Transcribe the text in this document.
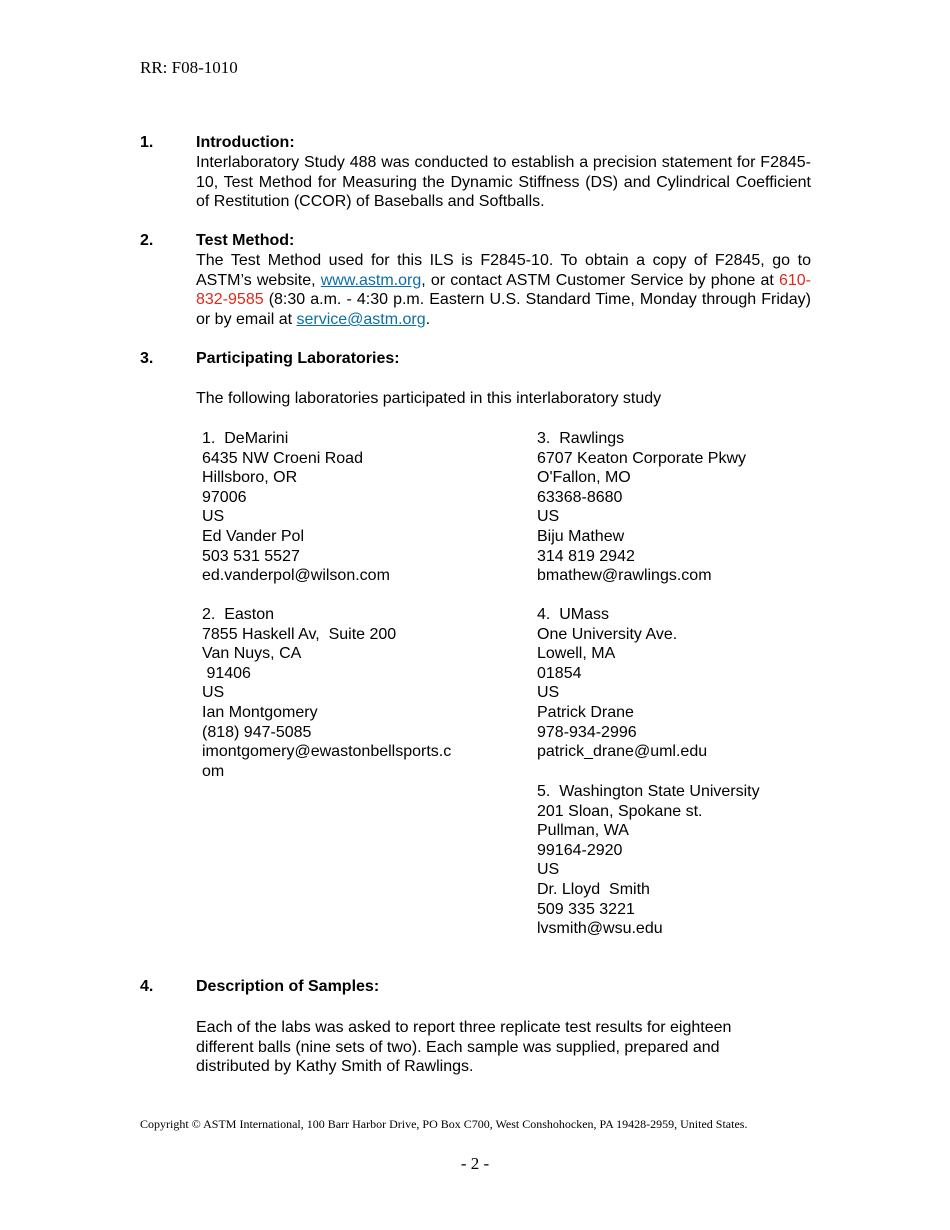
RR: F08-1010
1.	Introduction:

Interlaboratory Study 488 was conducted to establish a precision statement for F2845-10, Test Method for Measuring the Dynamic Stiffness (DS) and Cylindrical Coefficient of Restitution (CCOR) of Baseballs and Softballs.

2.	Test Method:

The Test Method used for this ILS is F2845-10. To obtain a copy of F2845, go to ASTM’s website, www.astm.org, or contact ASTM Customer Service by phone at 610-832-9585 (8:30 a.m. - 4:30 p.m. Eastern U.S. Standard Time, Monday through Friday) or by email at service@astm.org.

3.	Participating Laboratories:
The following laboratories participated in this interlaboratory study
1.  DeMarini
6435 NW Croeni Road
Hillsboro, OR
97006
US
Ed Vander Pol
503 531 5527
ed.vanderpol@wilson.com
2.  Easton
7855 Haskell Av,  Suite 200
Van Nuys, CA
91406
US
Ian Montgomery
(818) 947-5085
imontgomery@ewastonbellsports.c
om
3.  Rawlings
6707 Keaton Corporate Pkwy
O'Fallon, MO
63368-8680
US
Biju Mathew
314 819 2942
bmathew@rawlings.com
4.  UMass
One University Ave.
Lowell, MA
01854
US
Patrick Drane
978-934-2996
patrick_drane@uml.edu
5.  Washington State University
201 Sloan, Spokane st.
Pullman, WA
99164-2920
US
Dr. Lloyd  Smith
509 335 3221
lvsmith@wsu.edu
4.	Description of Samples:
Each of the labs was asked to report three replicate test results for eighteen different balls (nine sets of two). Each sample was supplied, prepared and distributed by Kathy Smith of Rawlings.
Copyright © ASTM International, 100 Barr Harbor Drive, PO Box C700, West Conshohocken, PA 19428-2959, United States.
- 2 -
